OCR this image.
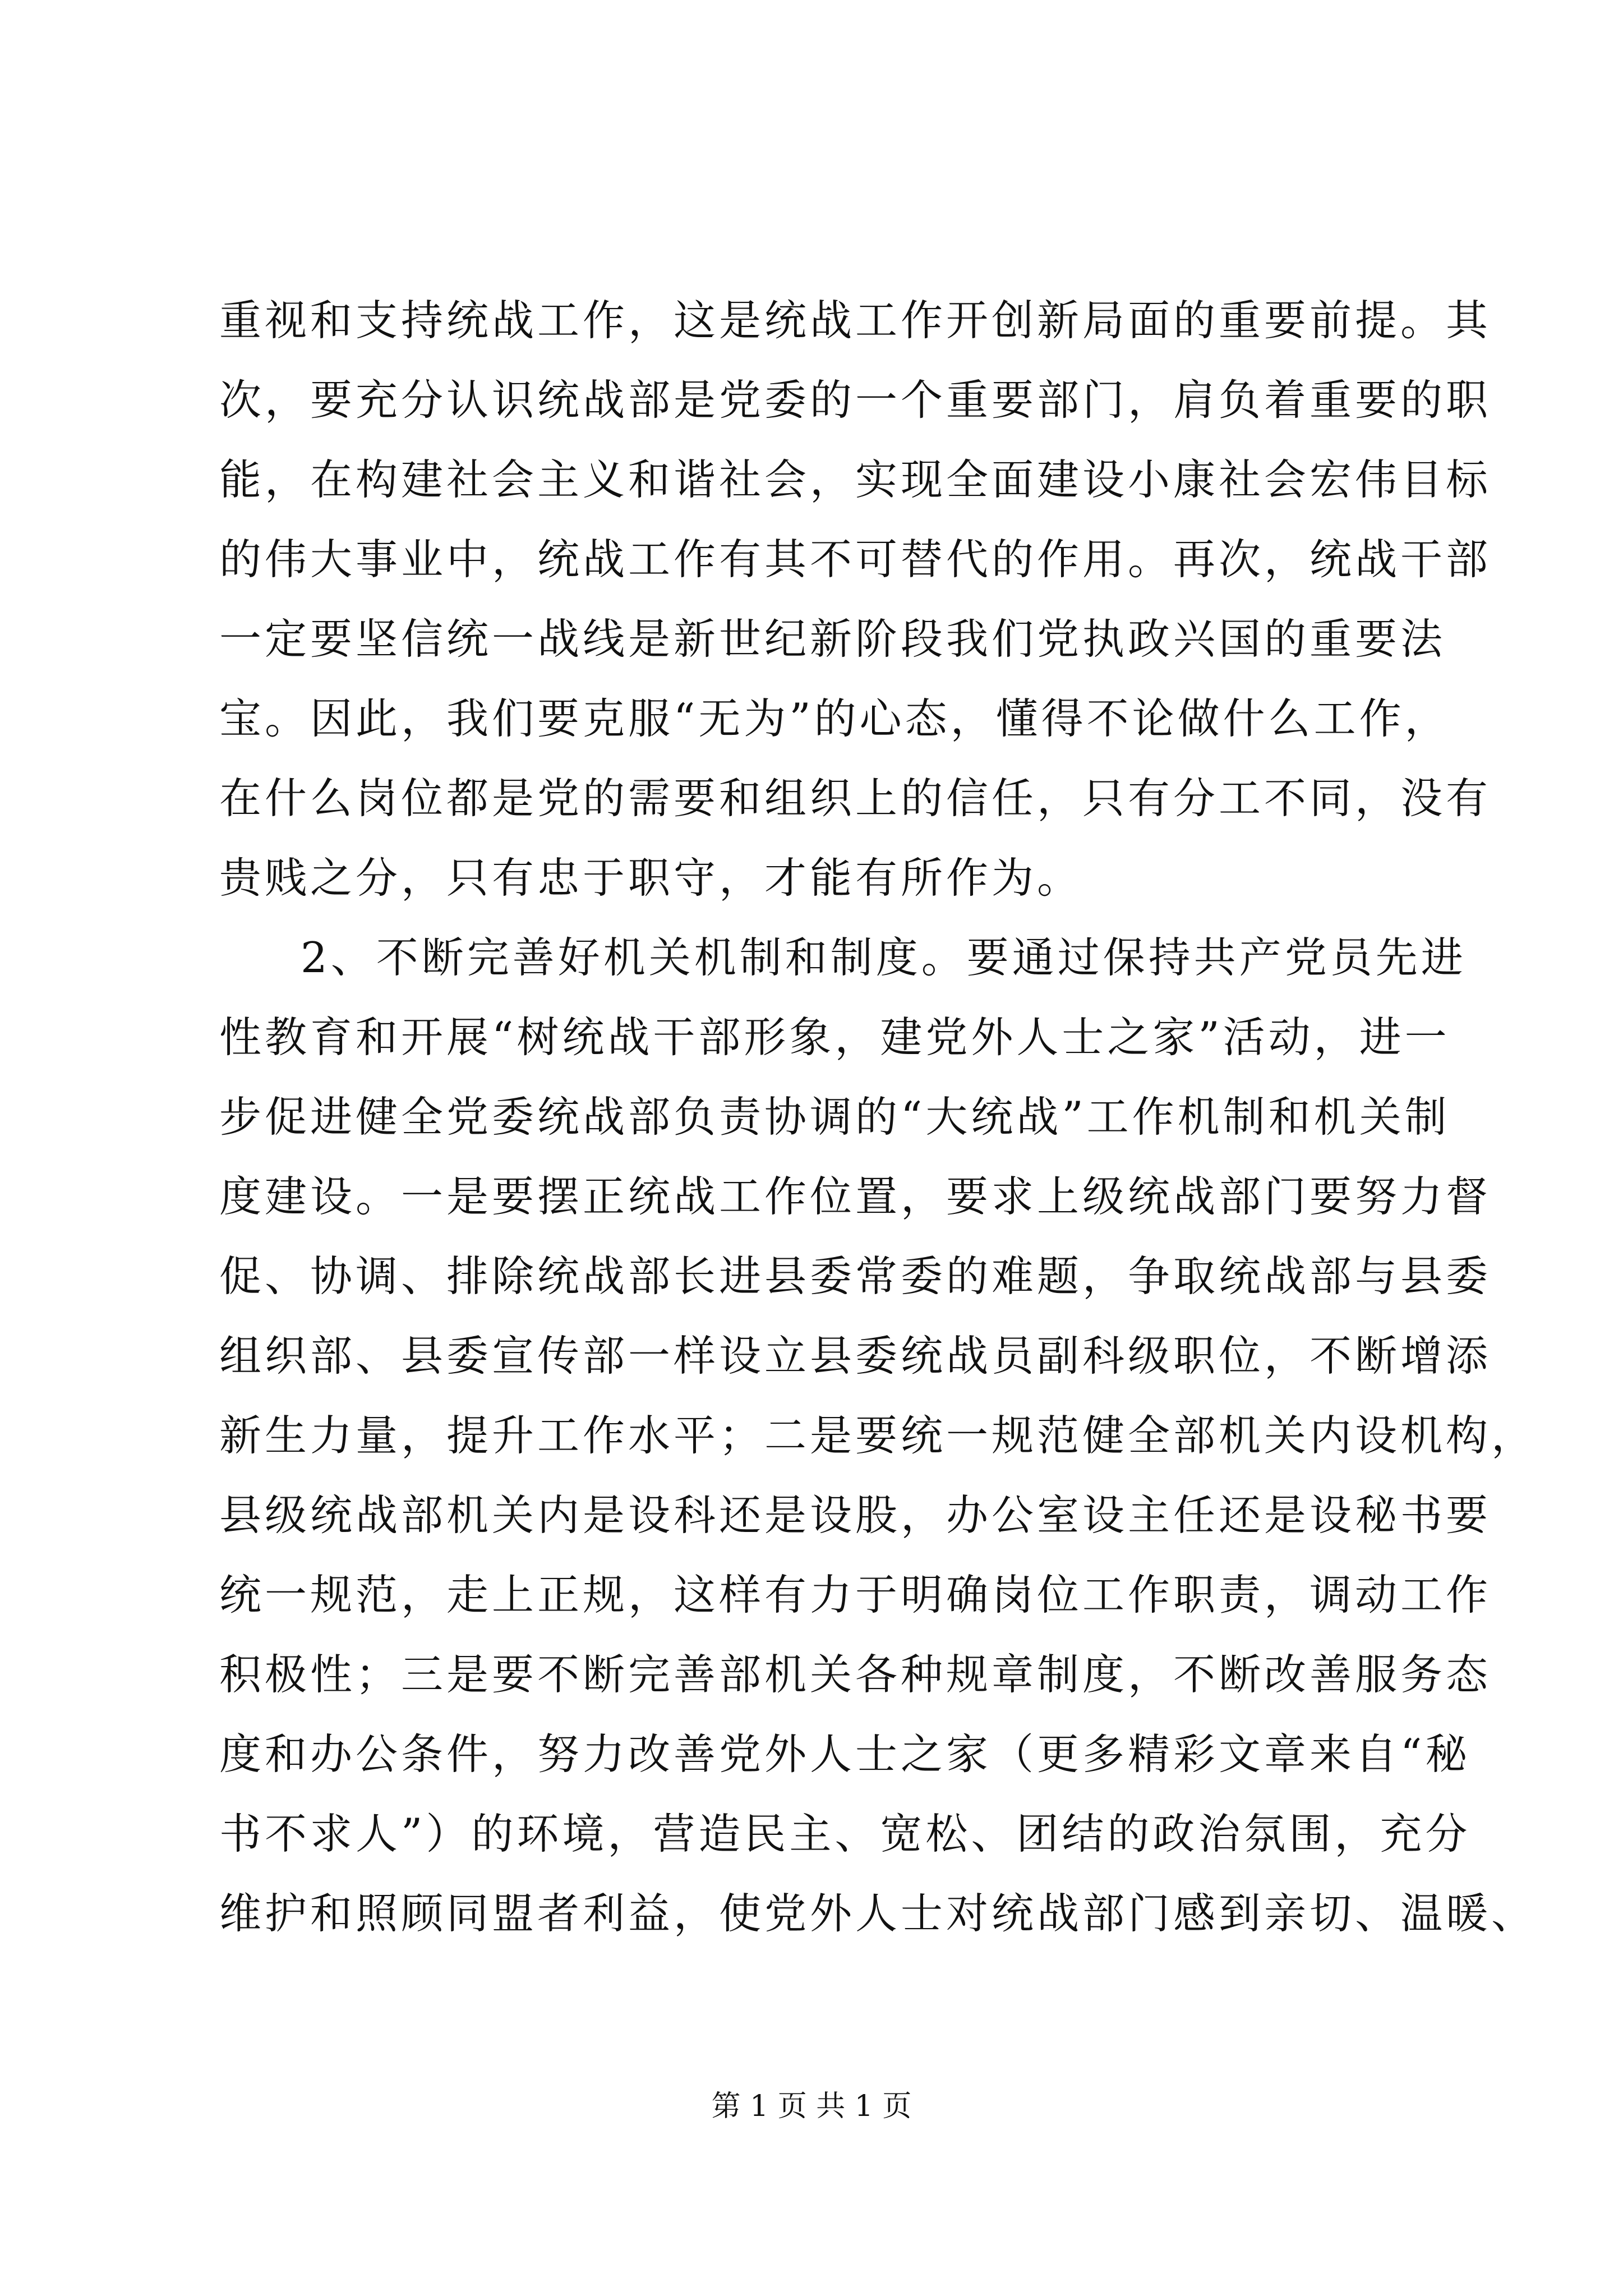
重视和支持统战工作，这是统战工作开创新局面的重要前提。其
次，要充分认识统战部是党委的一个重要部门，肩负着重要的职
能，在构建社会主义和谐社会，实现全面建设小康社会宏伟目标
的伟大事业中，统战工作有其不可替代的作用。再次，统战干部
一定要坚信统一战线是新世纪新阶段我们党执政兴国的重要法
宝。因此，我们要克服“无为”的心态，懂得不论做什么工作，
在什么岗位都是党的需要和组织上的信任，只有分工不同，没有
贵贱之分，只有忠于职守，才能有所作为。
2、不断完善好机关机制和制度。要通过保持共产党员先进
性教育和开展“树统战干部形象，建党外人士之家”活动，进一
步促进健全党委统战部负责协调的“大统战”工作机制和机关制
度建设。一是要摆正统战工作位置，要求上级统战部门要努力督
促、协调、排除统战部长进县委常委的难题，争取统战部与县委
组织部、县委宣传部一样设立县委统战员副科级职位，不断增添
新生力量，提升工作水平；二是要统一规范健全部机关内设机构，
县级统战部机关内是设科还是设股，办公室设主任还是设秘书要
统一规范，走上正规，这样有力于明确岗位工作职责，调动工作
积极性；三是要不断完善部机关各种规章制度，不断改善服务态
度和办公条件，努力改善党外人士之家（更多精彩文章来自“秘
书不求人”）的环境，营造民主、宽松、团结的政治氛围，充分
维护和照顾同盟者利益，使党外人士对统战部门感到亲切、温暖、
第 1 页 共 1 页
